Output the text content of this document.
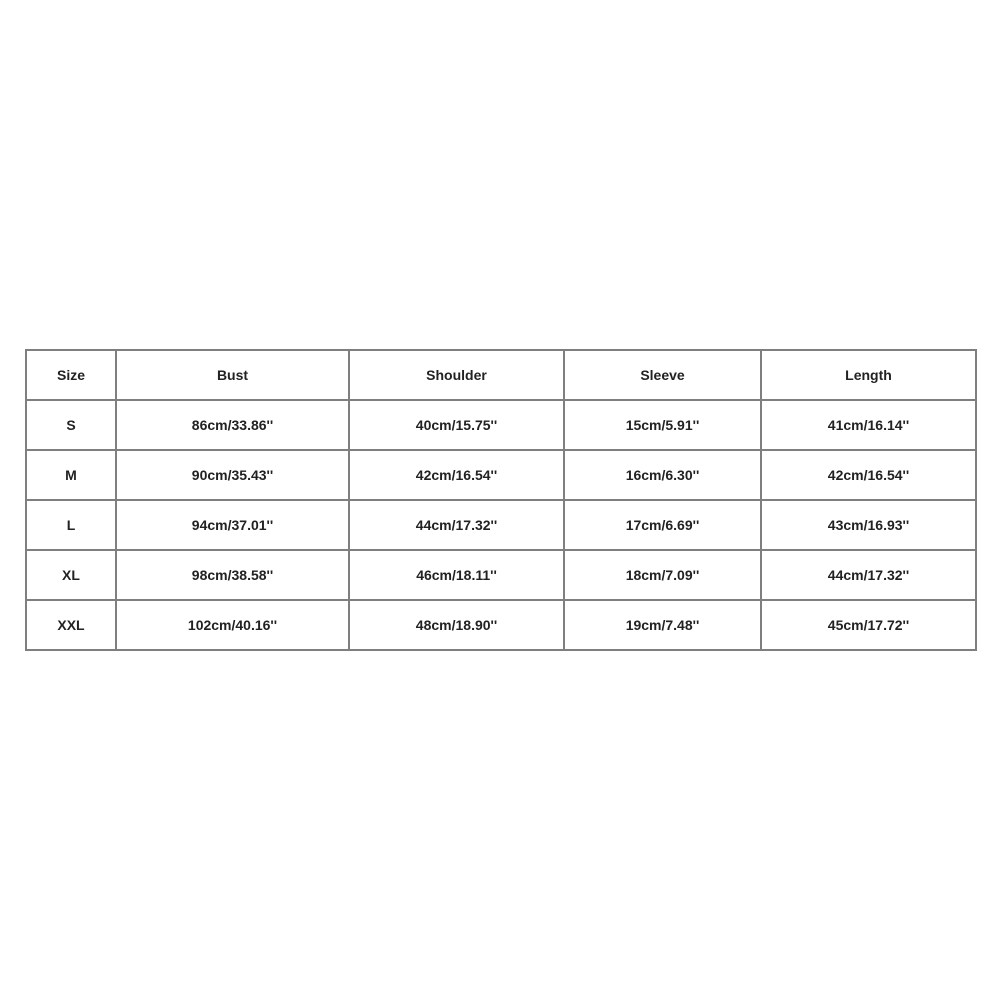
Size	Bust	Shoulder	Sleeve	Length
S	86cm/33.86''	40cm/15.75''	15cm/5.91''	41cm/16.14''
M	90cm/35.43''	42cm/16.54''	16cm/6.30''	42cm/16.54''
L	94cm/37.01''	44cm/17.32''	17cm/6.69''	43cm/16.93''
XL	98cm/38.58''	46cm/18.11''	18cm/7.09''	44cm/17.32''
XXL	102cm/40.16''	48cm/18.90''	19cm/7.48''	45cm/17.72''
